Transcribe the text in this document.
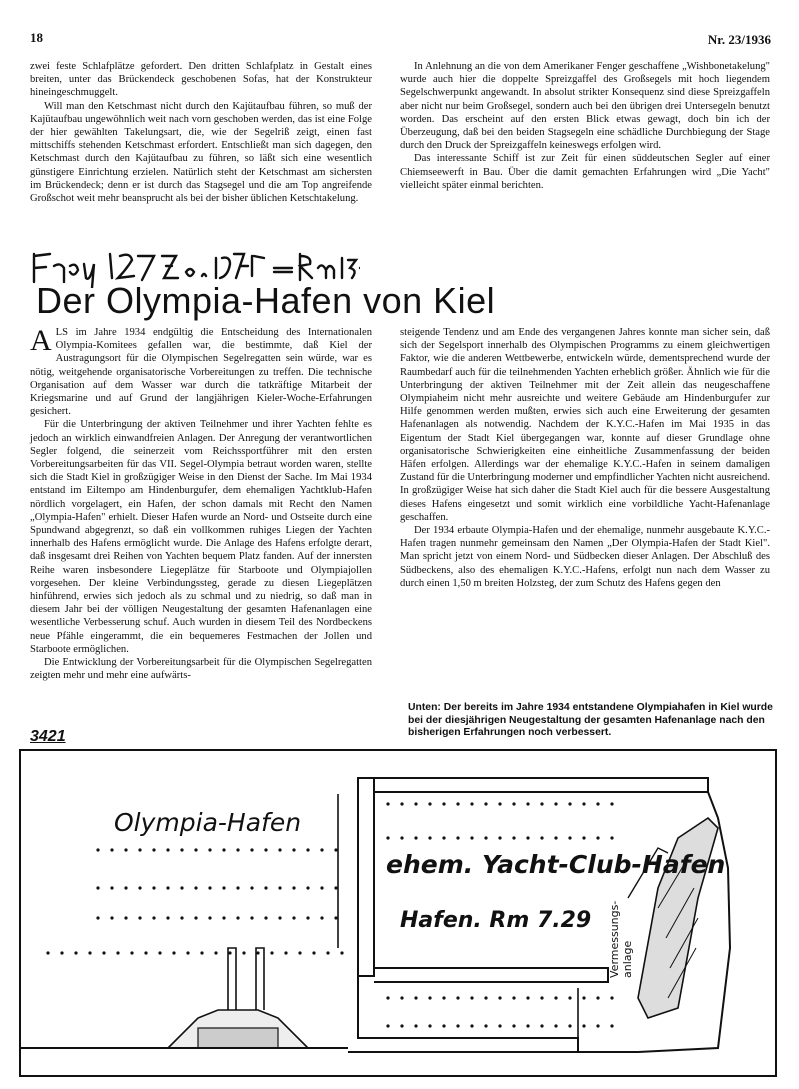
18	Nr. 23/1936

zwei feste Schlafplätze gefordert. Den dritten Schlafplatz in Gestalt eines breiten, unter das Brückendeck geschobenen Sofas, hat der Konstrukteur hineingeschmuggelt.

Will man den Ketschmast nicht durch den Kajütaufbau führen, so muß der Kajütaufbau ungewöhnlich weit nach vorn geschoben werden, das ist eine Folge der hier gewählten Takelungsart, die, wie der Segelriß zeigt, einen fast mittschiffs stehenden Ketschmast erfordert. Entschließt man sich dagegen, den Ketschmast durch den Kajütaufbau zu führen, so läßt sich eine wesentlich günstigere Einrichtung erzielen. Natürlich steht der Ketschmast am sichersten im Brückendeck; denn er ist durch das Stagsegel und die am Top angreifende Großschot weit mehr beansprucht als bei der bisher üblichen Ketschtakelung.

In Anlehnung an die von dem Amerikaner Fenger geschaffene „Wishbonetakelung" wurde auch hier die doppelte Spreizgaffel des Großsegels mit hoch liegendem Segelschwerpunkt angewandt. In absolut strikter Konsequenz sind diese Spreizgaffeln aber nicht nur beim Großsegel, sondern auch bei den übrigen drei Untersegeln benutzt worden. Das erscheint auf den ersten Blick etwas gewagt, doch bin ich der Überzeugung, daß bei den beiden Stagsegeln eine schädliche Durchbiegung der Stage durch den Druck der Spreizgaffeln keineswegs erfolgen wird.

Das interessante Schiff ist zur Zeit für einen süddeutschen Segler auf einer Chiemseewerft in Bau. Über die damit gemachten Erfahrungen wird „Die Yacht" vielleicht später einmal berichten.

Der Olympia-Hafen von Kiel

ALS im Jahre 1934 endgültig die Entscheidung des Internationalen Olympia-Komitees gefallen war, die bestimmte, daß Kiel der Austragungsort für die Olympischen Segelregatten sein würde, war es nötig, weitgehende organisatorische Vorbereitungen zu treffen. Die technische Organisation auf dem Wasser war durch die tatkräftige Mitarbeit der Kriegsmarine und auf Grund der langjährigen Kieler-Woche-Erfahrungen gesichert.

Für die Unterbringung der aktiven Teilnehmer und ihrer Yachten fehlte es jedoch an wirklich einwandfreien Anlagen. Der Anregung der verantwortlichen Segler folgend, die seinerzeit vom Reichssportführer mit den ersten Vorbereitungsarbeiten für das VII. Segel-Olympia betraut worden waren, stellte sich die Stadt Kiel in großzügiger Weise in den Dienst der Sache. Im Mai 1934 entstand im Eiltempo am Hindenburgufer, dem ehemaligen Yachtklub-Hafen nördlich vorgelagert, ein Hafen, der schon damals mit Recht den Namen „Olympia-Hafen" erhielt. Dieser Hafen wurde an Nord- und Ostseite durch eine Spundwand abgegrenzt, so daß ein vollkommen ruhiges Liegen der Yachten innerhalb des Hafens ermöglicht wurde. Die Anlage des Hafens erfolgte derart, daß insgesamt drei Reihen von Yachten bequem Platz fanden. Auf der innersten Reihe waren insbesondere Liegeplätze für Starboote und Olympiajollen vorgesehen. Der kleine Verbindungssteg, gerade zu diesen Liegeplätzen hinführend, erwies sich jedoch als zu schmal und zu niedrig, so daß man in diesem Jahr bei der völligen Neugestaltung der gesamten Hafenanlagen eine wesentliche Verbesserung schuf. Auch wurden in diesem Teil des Nordbeckens neue Pfähle eingerammt, die ein bequemeres Festmachen der Jollen und Starboote ermöglichen.

Die Entwicklung der Vorbereitungsarbeit für die Olympischen Segelregatten zeigten mehr und mehr eine aufwärts-

steigende Tendenz und am Ende des vergangenen Jahres konnte man sicher sein, daß sich der Segelsport innerhalb des Olympischen Programms zu einem gleichwertigen Faktor, wie die anderen Wettbewerbe, entwickeln würde, dementsprechend wurde der Raumbedarf auch für die teilnehmenden Yachten erheblich größer. Ähnlich wie für die Unterbringung der aktiven Teilnehmer mit der Zeit allein das neugeschaffene Olympiaheim nicht mehr ausreichte und weitere Gebäude am Hindenburgufer zur Hilfe genommen werden mußten, erwies sich auch eine Erweiterung der gesamten Hafenanlagen als notwendig. Nachdem der K.Y.C.-Hafen im Mai 1935 in das Eigentum der Stadt Kiel übergegangen war, konnte auf dieser Grundlage ohne organisatorische Schwierigkeiten eine einheitliche Zusammenfassung der beiden Häfen erfolgen. Allerdings war der ehemalige K.Y.C.-Hafen in seinem damaligen Zustand für die Unterbringung moderner und empfindlicher Yachten nicht ausreichend. In großzügiger Weise hat sich daher die Stadt Kiel auch für die bessere Ausgestaltung dieses Hafens eingesetzt und somit wirklich eine vorbildliche Yacht-Hafenanlage geschaffen.

Der 1934 erbaute Olympia-Hafen und der ehemalige, nunmehr ausgebaute K.Y.C.-Hafen tragen nunmehr gemeinsam den Namen „Der Olympia-Hafen der Stadt Kiel". Man spricht jetzt von einem Nord- und Südbecken dieser Anlagen. Der Abschluß des Südbeckens, also des ehemaligen K.Y.C.-Hafens, erfolgt nun nach dem Wasser zu durch einen 1,50 m breiten Holzsteg, der zum Schutz des Hafens gegen den

Unten: Der bereits im Jahre 1934 entstandene Olympiahafen in Kiel wurde bei der diesjährigen Neugestaltung der gesamten Hafenanlage nach den bisherigen Erfahrungen noch verbessert.
3421
Olympia-Hafen
ehem. Yacht-Club-Hafen
Hafen. Rm 7.29 Vermessungs-anlage
